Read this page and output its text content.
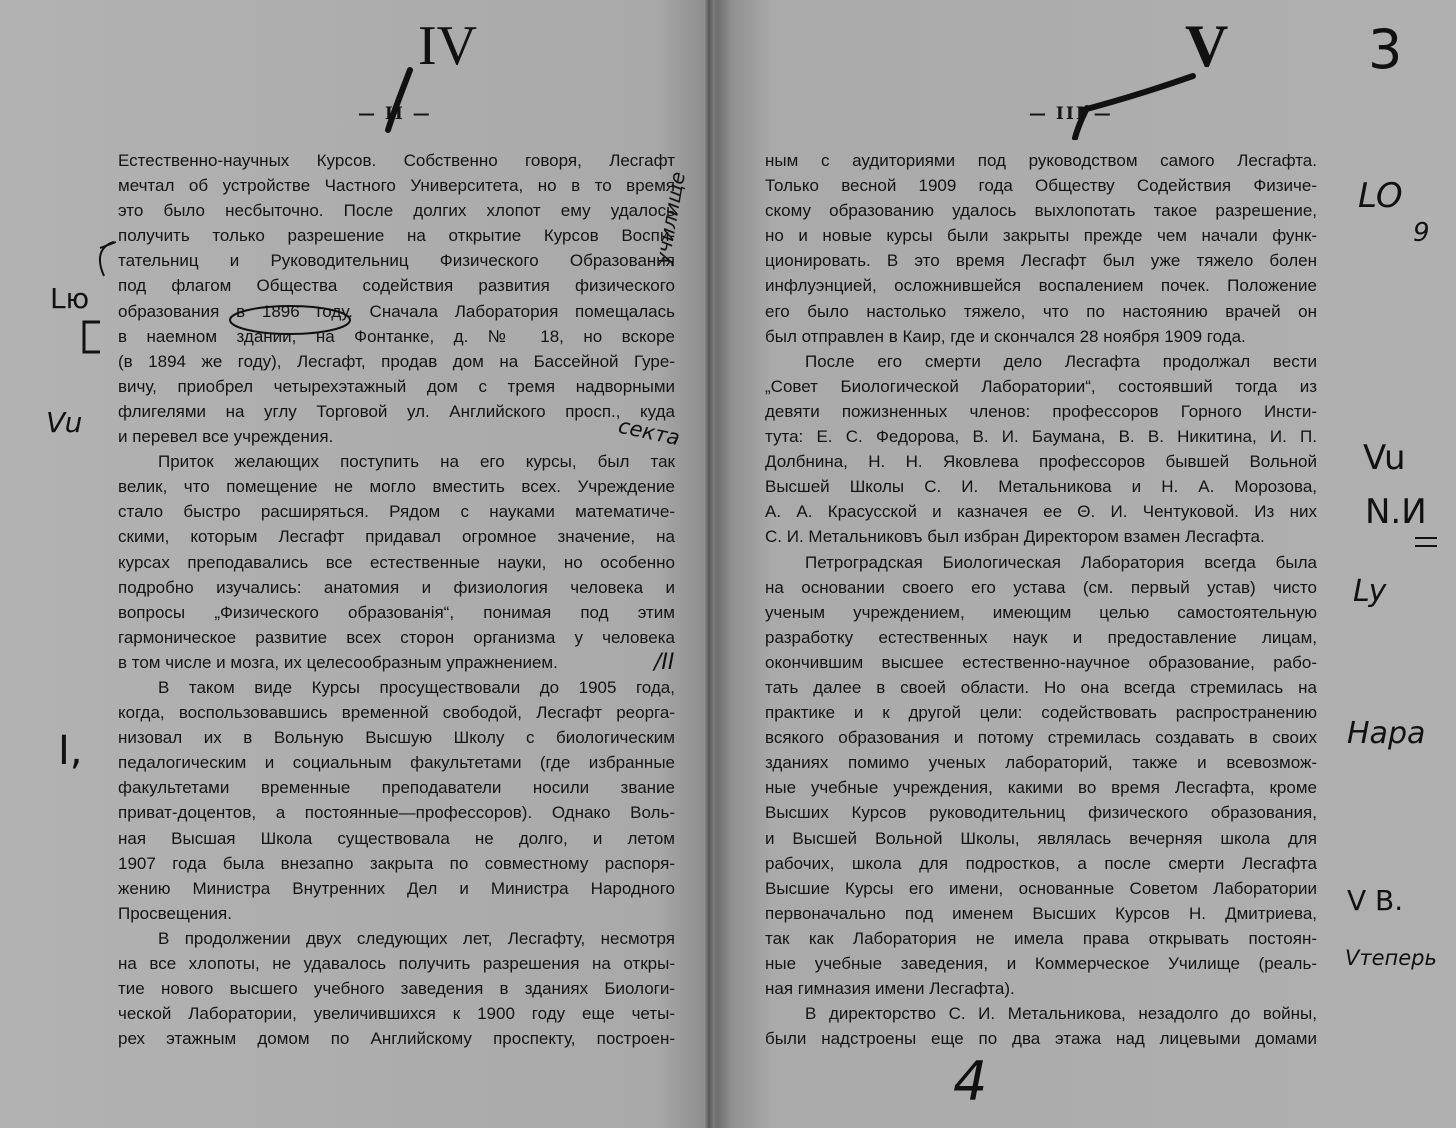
— II —
Естественно-научных Курсов. Собственно говоря, Лесгафт
мечтал об устройстве Частного Университета, но в то время
это было несбыточно. После долгих хлопот ему удалось
получить только разрешение на открытие Курсов Воспи-
тательниц и Руководительниц Физического Образования
под флагом Общества содействия развития физического
образования в 1896 году. Сначала Лаборатория помещалась
в наемном здании, на Фонтанке, д. № 18, но вскоре
(в 1894 же году), Лесгафт, продав дом на Бассейной Гуре-
вичу, приобрел четырехэтажный дом с тремя надворными
флигелями на углу Торговой ул. Английского просп., куда
и перевел все учреждения.
Приток желающих поступить на его курсы, был так
велик, что помещение не могло вместить всех. Учреждение
стало быстро расширяться. Рядом с науками математиче-
скими, которым Лесгафт придавал огромное значение, на
курсах преподавались все естественные науки, но особенно
подробно изучались: анатомия и физиология человека и
вопросы „Физического образованія“, понимая под этим
гармоническое развитие всех сторон организма у человека
в том числе и мозга, их целесообразным упражнением.
В таком виде Курсы просуществовали до 1905 года,
когда, воспользовавшись временной свободой, Лесгафт реорга-
низовал их в Вольную Высшую Школу с биологическим
педалогическим и социальным факультетами (где избранные
факультетами временные преподаватели носили звание
приват-доцентов, а постоянные—профессоров). Однако Воль-
ная Высшая Школа существовала не долго, и летом
1907 года была внезапно закрыта по совместному распоря-
жению Министра Внутренних Дел и Министра Народного
Просвещения.
В продолжении двух следующих лет, Лесгафту, несмотря
на все хлопоты, не удавалось получить разрешения на откры-
тие нового высшего учебного заведения в зданиях Биологи-
ческой Лаборатории, увеличившихся к 1900 году еще четы-
рех этажным домом по Английскому проспекту, построен-
IV
Lю
Vu
I,
училище
секта
/ІІ
— III —
ным с аудиториями под руководством самого Лесгафта.
Только весной 1909 года Обществу Содействия Физиче-
скому образованию удалось выхлопотать такое разрешение,
но и новые курсы были закрыты прежде чем начали функ-
ционировать. В это время Лесгафт был уже тяжело болен
инфлуэнцией, осложнившейся воспалением почек. Положение
его было настолько тяжело, что по настоянию врачей он
был отправлен в Каир, где и скончался 28 ноября 1909 года.
После его смерти дело Лесгафта продолжал вести
„Совет Биологической Лаборатории“, состоявший тогда из
девяти пожизненных членов: профессоров Горного Инсти-
тута: Е. С. Федорова, В. И. Баумана, В. В. Никитина, И. П.
Долбнина, Н. Н. Яковлева профессоров бывшей Вольной
Высшей Школы С. И. Метальникова и Н. А. Морозова,
А. А. Красусской и казначея ее Θ. И. Чентуковой. Из них
С. И. Метальниковъ был избран Директором взамен Лесгафта.
Петроградская Биологическая Лаборатория всегда была
на основании своего его устава (см. первый устав) чисто
ученым учреждением, имеющим целью самостоятельную
разработку естественных наук и предоставление лицам,
окончившим высшее естественно-научное образование, рабо-
тать далее в своей области. Но она всегда стремилась на
практике и к другой цели: содействовать распространению
всякого образования и потому стремилась создавать в своих
зданиях помимо ученых лабораторий, также и всевозмож-
ные учебные учреждения, какими во время Лесгафта, кроме
Высших Курсов руководительниц физического образования,
и Высшей Вольной Школы, являлась вечерняя школа для
рабочих, школа для подростков, а после смерти Лесгафта
Высшие Курсы его имени, основанные Советом Лаборатории
первоначально под именем Высших Курсов Н. Дмитриева,
так как Лаборатория не имела права открывать постоян-
ные учебные заведения, и Коммерческое Училище (реаль-
ная гимназия имени Лесгафта).
В директорство С. И. Метальникова, незадолго до войны,
были надстроены еще по два этажа над лицевыми домами
V	3
LO
9
Vu
N.И
Ly
Нара
V B.
Vтеперь
4
